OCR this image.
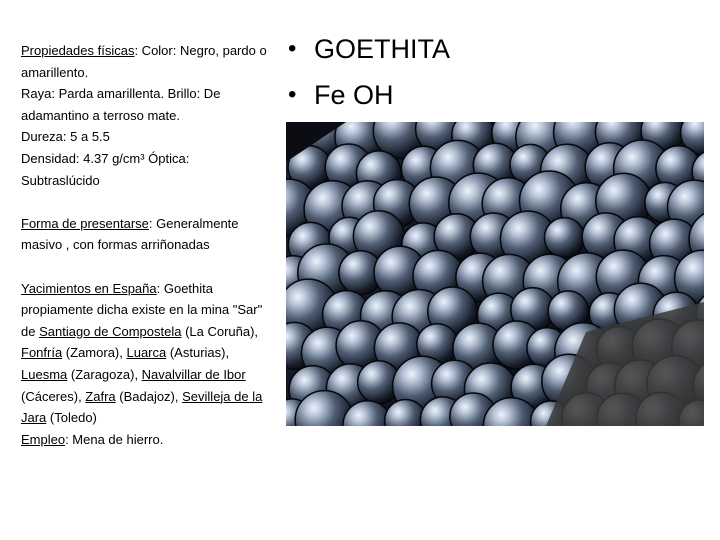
Propiedades físicas: Color: Negro, pardo o amarillento.

Raya: Parda amarillenta. Brillo: De adamantino a terroso mate.

Dureza: 5 a 5.5

Densidad: 4.37 g/cm³ Óptica: Subtraslúcido

Forma de presentarse: Generalmente masivo , con formas arriñonadas

Yacimientos en España: Goethita propiamente dicha existe en la mina "Sar" de Santiago de Compostela (La Coruña), Fonfría (Zamora), Luarca (Asturias), Luesma (Zaragoza), Navalvillar de Ibor (Cáceres), Zafra (Badajoz), Sevilleja de la Jara (Toledo)

Empleo: Mena de hierro.

• GOETHITA
• Fe OH
